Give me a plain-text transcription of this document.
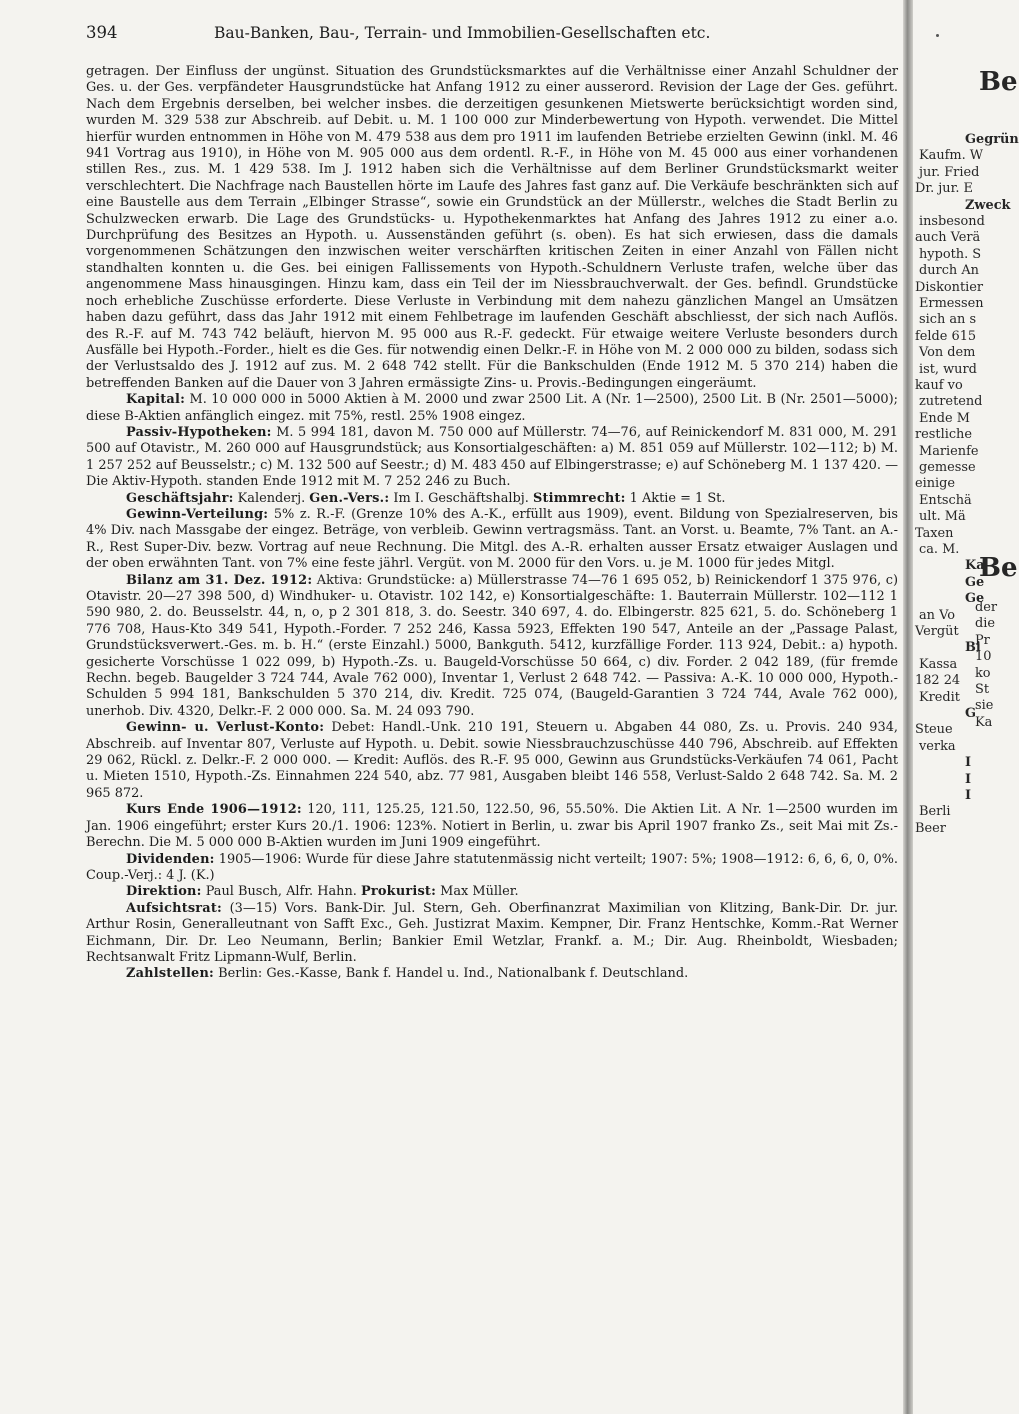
394	Bau-Banken, Bau-, Terrain- und Immobilien-Gesellschaften etc.

getragen. Der Einfluss der ungünst. Situation des Grundstücksmarktes auf die Verhältnisse einer Anzahl Schuldner der Ges. u. der Ges. verpfändeter Hausgrundstücke hat Anfang 1912 zu einer ausserord. Revision der Lage der Ges. geführt. Nach dem Ergebnis derselben, bei welcher insbes. die derzeitigen gesunkenen Mietswerte berücksichtigt worden sind, wurden M. 329 538 zur Abschreib. auf Debit. u. M. 1 100 000 zur Minderbewertung von Hypoth. verwendet. Die Mittel hierfür wurden entnommen in Höhe von M. 479 538 aus dem pro 1911 im laufenden Betriebe erzielten Gewinn (inkl. M. 46 941 Vortrag aus 1910), in Höhe von M. 905 000 aus dem ordentl. R.-F., in Höhe von M. 45 000 aus einer vorhandenen stillen Res., zus. M. 1 429 538. Im J. 1912 haben sich die Verhältnisse auf dem Berliner Grundstücksmarkt weiter verschlechtert. Die Nachfrage nach Baustellen hörte im Laufe des Jahres fast ganz auf. Die Verkäufe beschränkten sich auf eine Baustelle aus dem Terrain „Elbinger Strasse“, sowie ein Grundstück an der Müllerstr., welches die Stadt Berlin zu Schulzwecken erwarb. Die Lage des Grundstücks- u. Hypothekenmarktes hat Anfang des Jahres 1912 zu einer a.o. Durchprüfung des Besitzes an Hypoth. u. Aussenständen geführt (s. oben). Es hat sich erwiesen, dass die damals vorgenommenen Schätzungen den inzwischen weiter verschärften kritischen Zeiten in einer Anzahl von Fällen nicht standhalten konnten u. die Ges. bei einigen Fallissements von Hypoth.-Schuldnern Verluste trafen, welche über das angenommene Mass hinausgingen. Hinzu kam, dass ein Teil der im Niessbrauchverwalt. der Ges. befindl. Grundstücke noch erhebliche Zuschüsse erforderte. Diese Verluste in Verbindung mit dem nahezu gänzlichen Mangel an Umsätzen haben dazu geführt, dass das Jahr 1912 mit einem Fehlbetrage im laufenden Geschäft abschliesst, der sich nach Auflös. des R.-F. auf M. 743 742 beläuft, hiervon M. 95 000 aus R.-F. gedeckt. Für etwaige weitere Verluste besonders durch Ausfälle bei Hypoth.-Forder., hielt es die Ges. für notwendig einen Delkr.-F. in Höhe von M. 2 000 000 zu bilden, sodass sich der Verlustsaldo des J. 1912 auf zus. M. 2 648 742 stellt. Für die Bankschulden (Ende 1912 M. 5 370 214) haben die betreffenden Banken auf die Dauer von 3 Jahren ermässigte Zins- u. Provis.-Bedingungen eingeräumt.

Kapital: M. 10 000 000 in 5000 Aktien à M. 2000 und zwar 2500 Lit. A (Nr. 1—2500), 2500 Lit. B (Nr. 2501—5000); diese B-Aktien anfänglich eingez. mit 75%, restl. 25% 1908 eingez.

Passiv-Hypotheken: M. 5 994 181, davon M. 750 000 auf Müllerstr. 74—76, auf Reinickendorf M. 831 000, M. 291 500 auf Otavistr., M. 260 000 auf Hausgrundstück; aus Konsortialgeschäften: a) M. 851 059 auf Müllerstr. 102—112; b) M. 1 257 252 auf Beusselstr.; c) M. 132 500 auf Seestr.; d) M. 483 450 auf Elbingerstrasse; e) auf Schöneberg M. 1 137 420. — Die Aktiv-Hypoth. standen Ende 1912 mit M. 7 252 246 zu Buch.

Geschäftsjahr: Kalenderj. Gen.-Vers.: Im I. Geschäftshalbj. Stimmrecht: 1 Aktie = 1 St.

Gewinn-Verteilung: 5% z. R.-F. (Grenze 10% des A.-K., erfüllt aus 1909), event. Bildung von Spezialreserven, bis 4% Div. nach Massgabe der eingez. Beträge, von verbleib. Gewinn vertragsmäss. Tant. an Vorst. u. Beamte, 7% Tant. an A.-R., Rest Super-Div. bezw. Vortrag auf neue Rechnung. Die Mitgl. des A.-R. erhalten ausser Ersatz etwaiger Auslagen und der oben erwähnten Tant. von 7% eine feste jährl. Vergüt. von M. 2000 für den Vors. u. je M. 1000 für jedes Mitgl.

Bilanz am 31. Dez. 1912: Aktiva: Grundstücke: a) Müllerstrasse 74—76 1 695 052, b) Reinickendorf 1 375 976, c) Otavistr. 20—27 398 500, d) Windhuker- u. Otavistr. 102 142, e) Konsortialgeschäfte: 1. Bauterrain Müllerstr. 102—112 1 590 980, 2. do. Beusselstr. 44, n, o, p 2 301 818, 3. do. Seestr. 340 697, 4. do. Elbingerstr. 825 621, 5. do. Schöneberg 1 776 708, Haus-Kto 349 541, Hypoth.-Forder. 7 252 246, Kassa 5923, Effekten 190 547, Anteile an der „Passage Palast, Grundstücksverwert.-Ges. m. b. H.“ (erste Einzahl.) 5000, Bankguth. 5412, kurzfällige Forder. 113 924, Debit.: a) hypoth. gesicherte Vorschüsse 1 022 099, b) Hypoth.-Zs. u. Baugeld-Vorschüsse 50 664, c) div. Forder. 2 042 189, (für fremde Rechn. begeb. Baugelder 3 724 744, Avale 762 000), Inventar 1, Verlust 2 648 742. — Passiva: A.-K. 10 000 000, Hypoth.-Schulden 5 994 181, Bankschulden 5 370 214, div. Kredit. 725 074, (Baugeld-Garantien 3 724 744, Avale 762 000), unerhob. Div. 4320, Delkr.-F. 2 000 000. Sa. M. 24 093 790.

Gewinn- u. Verlust-Konto: Debet: Handl.-Unk. 210 191, Steuern u. Abgaben 44 080, Zs. u. Provis. 240 934, Abschreib. auf Inventar 807, Verluste auf Hypoth. u. Debit. sowie Niessbrauchzuschüsse 440 796, Abschreib. auf Effekten 29 062, Rückl. z. Delkr.-F. 2 000 000. — Kredit: Auflös. des R.-F. 95 000, Gewinn aus Grundstücks-Verkäufen 74 061, Pacht u. Mieten 1510, Hypoth.-Zs. Einnahmen 224 540, abz. 77 981, Ausgaben bleibt 146 558, Verlust-Saldo 2 648 742. Sa. M. 2 965 872.

Kurs Ende 1906—1912: 120, 111, 125.25, 121.50, 122.50, 96, 55.50%. Die Aktien Lit. A Nr. 1—2500 wurden im Jan. 1906 eingeführt; erster Kurs 20./1. 1906: 123%. Notiert in Berlin, u. zwar bis April 1907 franko Zs., seit Mai mit Zs.-Berechn. Die M. 5 000 000 B-Aktien wurden im Juni 1909 eingeführt.

Dividenden: 1905—1906: Wurde für diese Jahre statutenmässig nicht verteilt; 1907: 5%; 1908—1912: 6, 6, 6, 0, 0%. Coup.-Verj.: 4 J. (K.)

Direktion: Paul Busch, Alfr. Hahn. Prokurist: Max Müller.

Aufsichtsrat: (3—15) Vors. Bank-Dir. Jul. Stern, Geh. Oberfinanzrat Maximilian von Klitzing, Bank-Dir. Dr. jur. Arthur Rosin, Generalleutnant von Safft Exc., Geh. Justizrat Maxim. Kempner, Dir. Franz Hentschke, Komm.-Rat Werner Eichmann, Dir. Dr. Leo Neumann, Berlin; Bankier Emil Wetzlar, Frankf. a. M.; Dir. Aug. Rheinboldt, Wiesbaden; Rechtsanwalt Fritz Lipmann-Wulf, Berlin.

Zahlstellen: Berlin: Ges.-Kasse, Bank f. Handel u. Ind., Nationalbank f. Deutschland.

Be
Be
Gegrün
Kaufm. W
jur. Fried
Dr. jur. E
Zweck
insbesond
auch Verä
hypoth. S
durch An
Diskontier
Ermessen
sich an s
felde 615
Von dem
ist, wurd
kauf vo
zutretend
Ende M
restliche
Marienfe
gemesse
einige
Entschä
ult. Mä
Taxen
ca. M.
Ka
Ge
Ge
an Vo
Vergüt
Bi
Kassa
182 24
Kredit
G
Steue
verka
I
I
I
Berli
Beer
der
die
Pr
10
ko
St
sie
Ka
